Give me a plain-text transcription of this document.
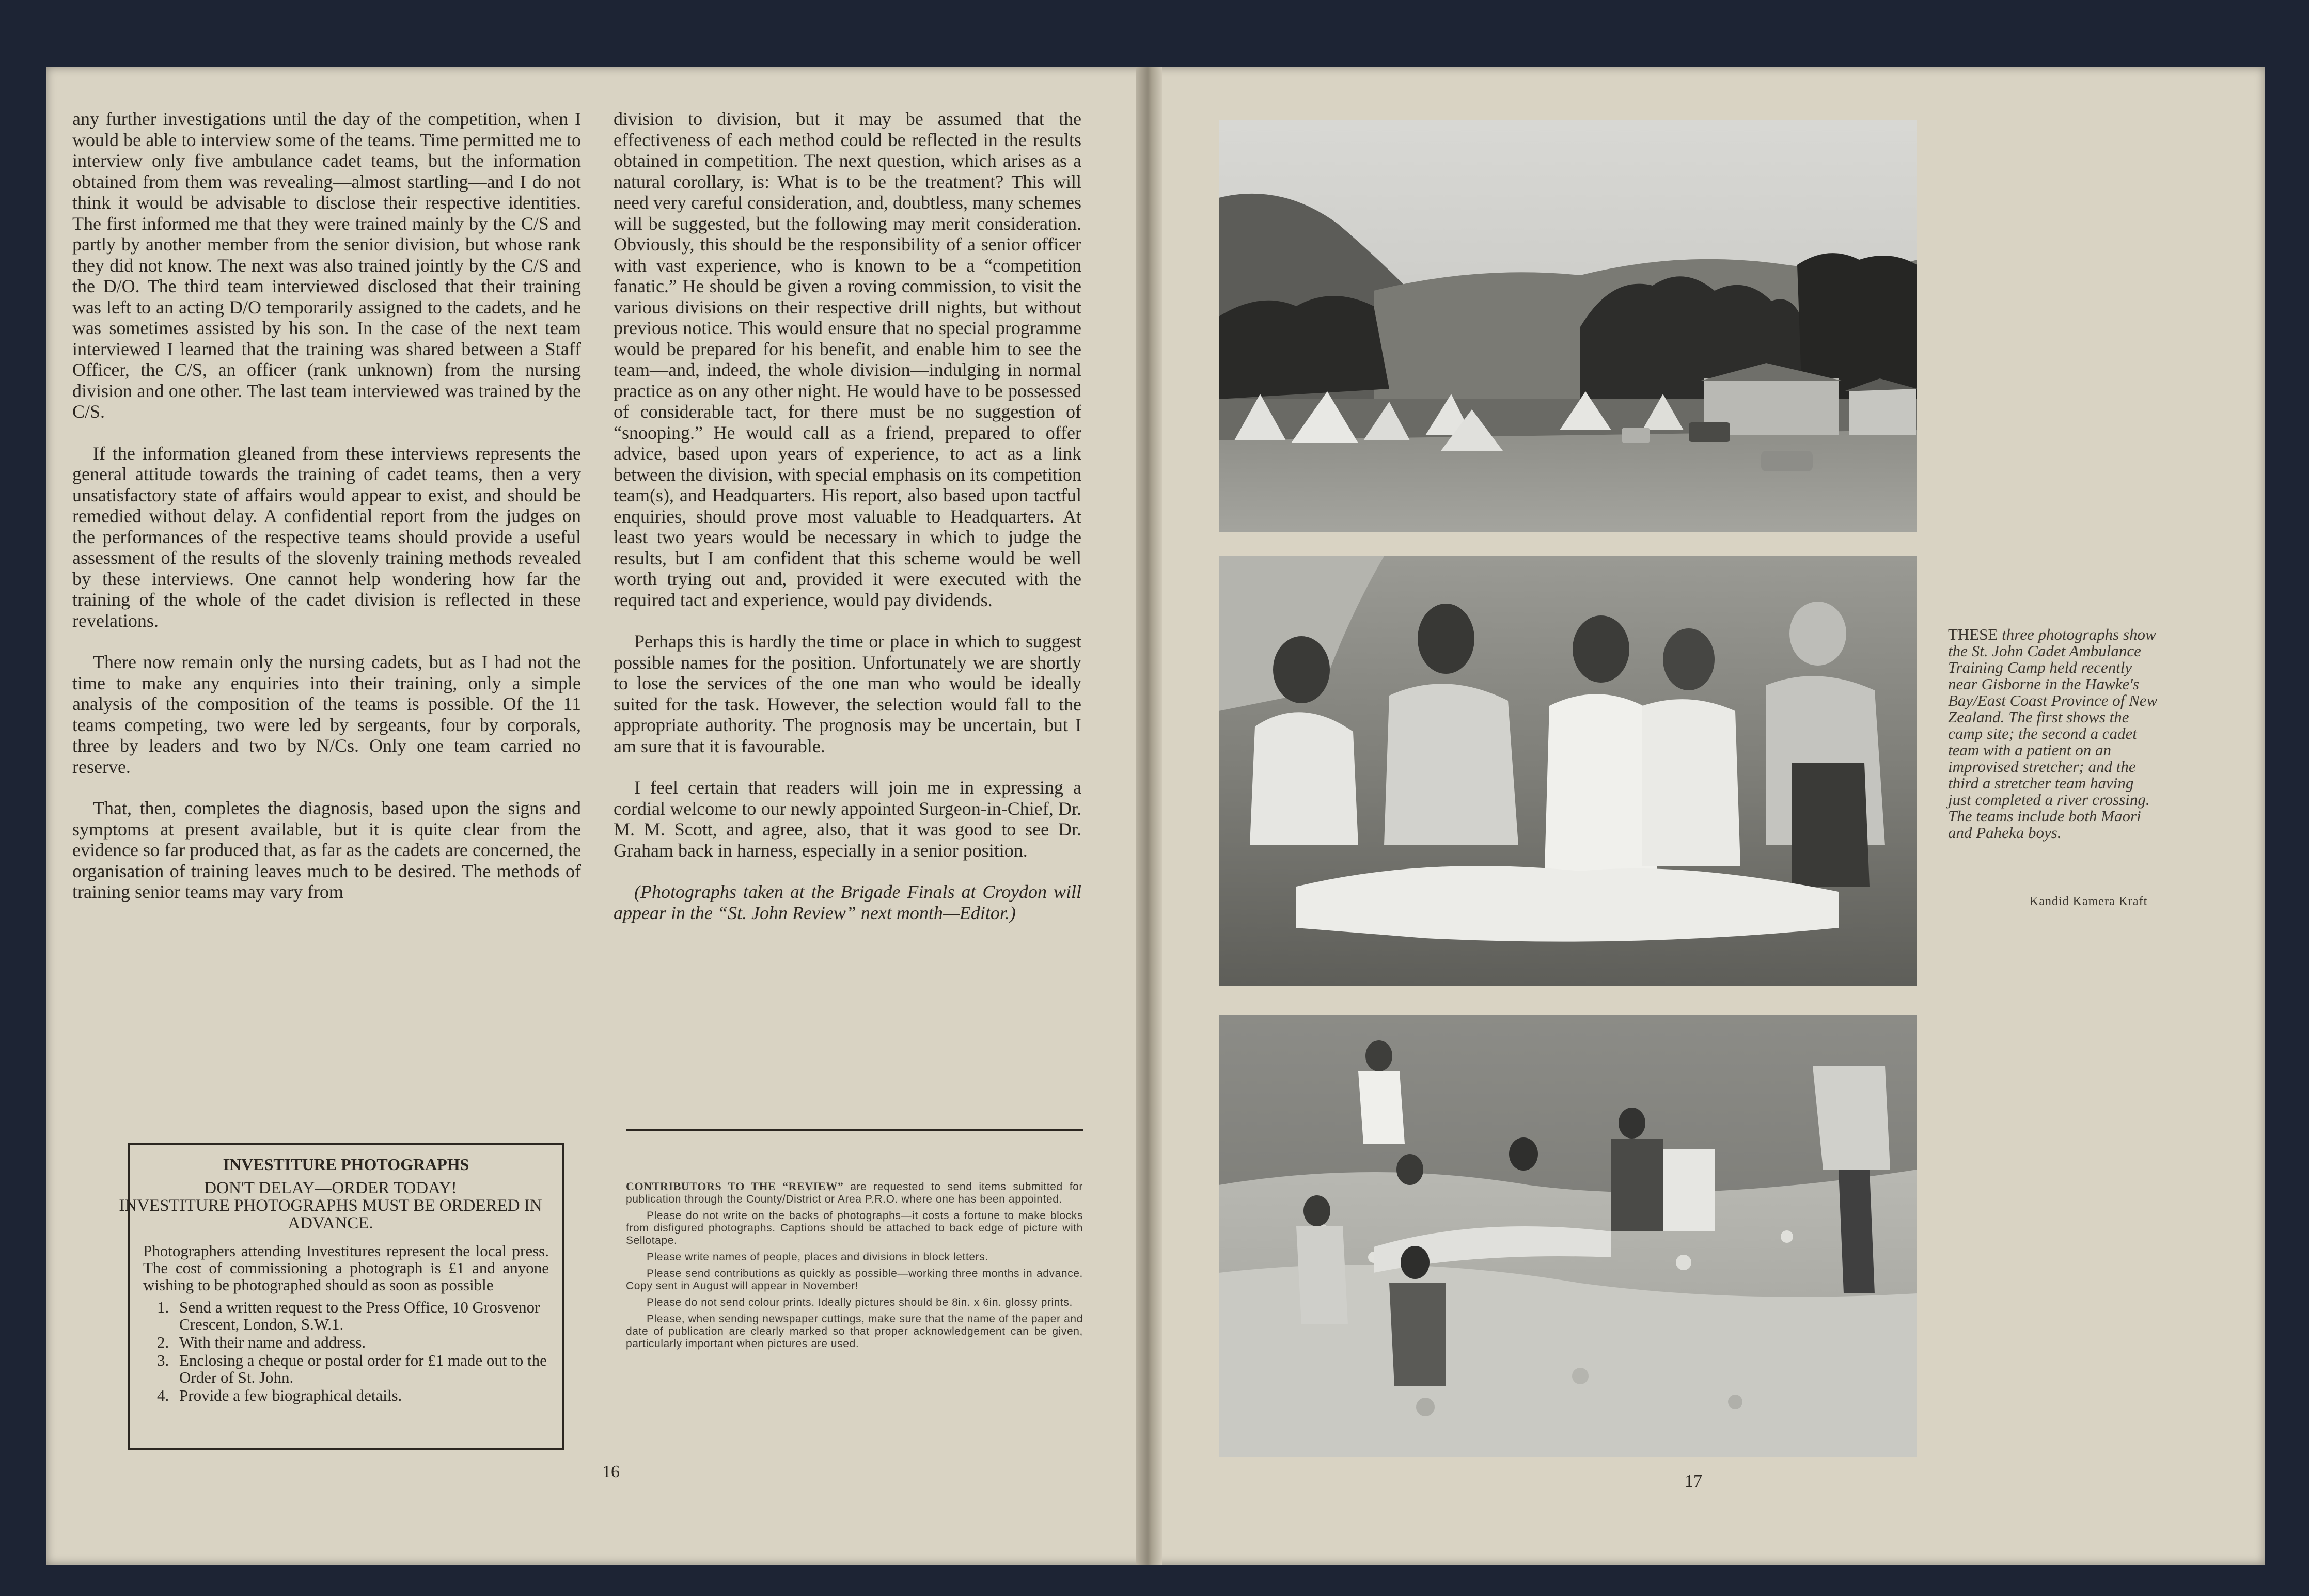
any further investigations until the day of the competition, when I would be able to interview some of the teams. Time permitted me to interview only five ambulance cadet teams, but the information obtained from them was revealing—almost startling—and I do not think it would be advisable to disclose their respective identities. The first informed me that they were trained mainly by the C/S and partly by another member from the senior division, but whose rank they did not know. The next was also trained jointly by the C/S and the D/O. The third team interviewed disclosed that their training was left to an acting D/O temporarily assigned to the cadets, and he was sometimes assisted by his son. In the case of the next team interviewed I learned that the training was shared between a Staff Officer, the C/S, an officer (rank unknown) from the nursing division and one other. The last team interviewed was trained by the C/S.

If the information gleaned from these interviews represents the general attitude towards the training of cadet teams, then a very unsatisfactory state of affairs would appear to exist, and should be remedied without delay. A confidential report from the judges on the performances of the respective teams should provide a useful assessment of the results of the slovenly training methods revealed by these interviews. One cannot help wondering how far the training of the whole of the cadet division is reflected in these revelations.

There now remain only the nursing cadets, but as I had not the time to make any enquiries into their training, only a simple analysis of the composition of the teams is possible. Of the 11 teams competing, two were led by sergeants, four by corporals, three by leaders and two by N/Cs. Only one team carried no reserve.

That, then, completes the diagnosis, based upon the signs and symptoms at present available, but it is quite clear from the evidence so far produced that, as far as the cadets are concerned, the organisation of training leaves much to be desired. The methods of training senior teams may vary from

division to division, but it may be assumed that the effectiveness of each method could be reflected in the results obtained in competition. The next question, which arises as a natural corollary, is: What is to be the treatment? This will need very careful consideration, and, doubtless, many schemes will be suggested, but the following may merit consideration. Obviously, this should be the responsibility of a senior officer with vast experience, who is known to be a “competition fanatic.” He should be given a roving commission, to visit the various divisions on their respective drill nights, but without previous notice. This would ensure that no special programme would be prepared for his benefit, and enable him to see the team—and, indeed, the whole division—indulging in normal practice as on any other night. He would have to be possessed of considerable tact, for there must be no suggestion of “snooping.” He would call as a friend, prepared to offer advice, based upon years of experience, to act as a link between the division, with special emphasis on its competition team(s), and Headquarters. His report, also based upon tactful enquiries, should prove most valuable to Headquarters. At least two years would be necessary in which to judge the results, but I am confident that this scheme would be well worth trying out and, provided it were executed with the required tact and experience, would pay dividends.

Perhaps this is hardly the time or place in which to suggest possible names for the position. Unfortunately we are shortly to lose the services of the one man who would be ideally suited for the task. However, the selection would fall to the appropriate authority. The prognosis may be uncertain, but I am sure that it is favourable.

I feel certain that readers will join me in expressing a cordial welcome to our newly appointed Surgeon-in-Chief, Dr. M. M. Scott, and agree, also, that it was good to see Dr. Graham back in harness, especially in a senior position.

(Photographs taken at the Brigade Finals at Croydon will appear in the “St. John Review” next month—Editor.)

INVESTITURE PHOTOGRAPHS
DON'T DELAY—ORDER TODAY!
INVESTITURE PHOTOGRAPHS MUST BE ORDERED IN ADVANCE.
Photographers attending Investitures represent the local press. The cost of commissioning a photograph is £1 and anyone wishing to be photographed should as soon as possible
1. Send a written request to the Press Office, 10 Grosvenor Crescent, London, S.W.1.
2. With their name and address.
3. Enclosing a cheque or postal order for £1 made out to the Order of St. John.
4. Provide a few biographical details.

CONTRIBUTORS TO THE “REVIEW” are requested to send items submitted for publication through the County/District or Area P.R.O. where one has been appointed.

Please do not write on the backs of photographs—it costs a fortune to make blocks from disfigured photographs. Captions should be attached to back edge of picture with Sellotape.

Please write names of people, places and divisions in block letters.

Please send contributions as quickly as possible—working three months in advance. Copy sent in August will appear in November!

Please do not send colour prints. Ideally pictures should be 8in. x 6in. glossy prints.

Please, when sending newspaper cuttings, make sure that the name of the paper and date of publication are clearly marked so that proper acknowledgement can be given, particularly important when pictures are used.

16
THESE three photographs show the St. John Cadet Ambulance Training Camp held recently near Gisborne in the Hawke's Bay/East Coast Province of New Zealand. The first shows the camp site; the second a cadet team with a patient on an improvised stretcher; and the third a stretcher team having just completed a river crossing. The teams include both Maori and Paheka boys.
Kandid Kamera Kraft
17
